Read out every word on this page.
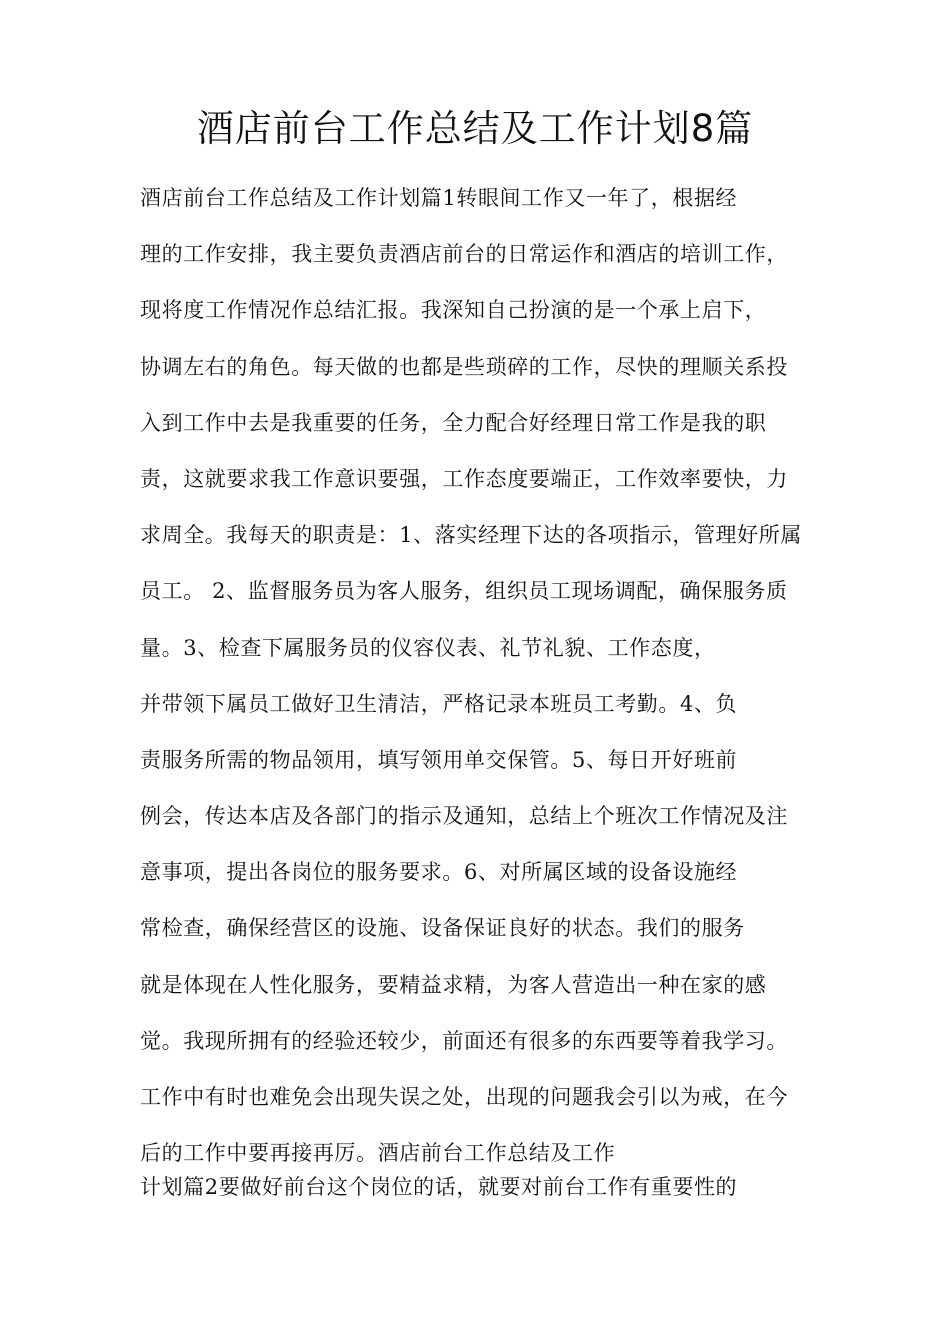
酒店前台工作总结及工作计划8篇
酒店前台工作总结及工作计划篇1转眼间工作又一年了，根据经
理的工作安排，我主要负责酒店前台的日常运作和酒店的培训工作，
现将度工作情况作总结汇报。我深知自己扮演的是一个承上启下，
协调左右的角色。每天做的也都是些琐碎的工作，尽快的理顺关系投
入到工作中去是我重要的任务，全力配合好经理日常工作是我的职
责，这就要求我工作意识要强，工作态度要端正，工作效率要快，力
求周全。我每天的职责是：1、落实经理下达的各项指示，管理好所属
员工。 2、监督服务员为客人服务，组织员工现场调配，确保服务质
量。3、检查下属服务员的仪容仪表、礼节礼貌、工作态度，
并带领下属员工做好卫生清洁，严格记录本班员工考勤。4、负
责服务所需的物品领用，填写领用单交保管。5、每日开好班前
例会，传达本店及各部门的指示及通知，总结上个班次工作情况及注
意事项，提出各岗位的服务要求。6、对所属区域的设备设施经
常检查，确保经营区的设施、设备保证良好的状态。我们的服务
就是体现在人性化服务，要精益求精，为客人营造出一种在家的感
觉。我现所拥有的经验还较少，前面还有很多的东西要等着我学习。
工作中有时也难免会出现失误之处，出现的问题我会引以为戒，在今
后的工作中要再接再厉。酒店前台工作总结及工作
计划篇2要做好前台这个岗位的话，就要对前台工作有重要性的
